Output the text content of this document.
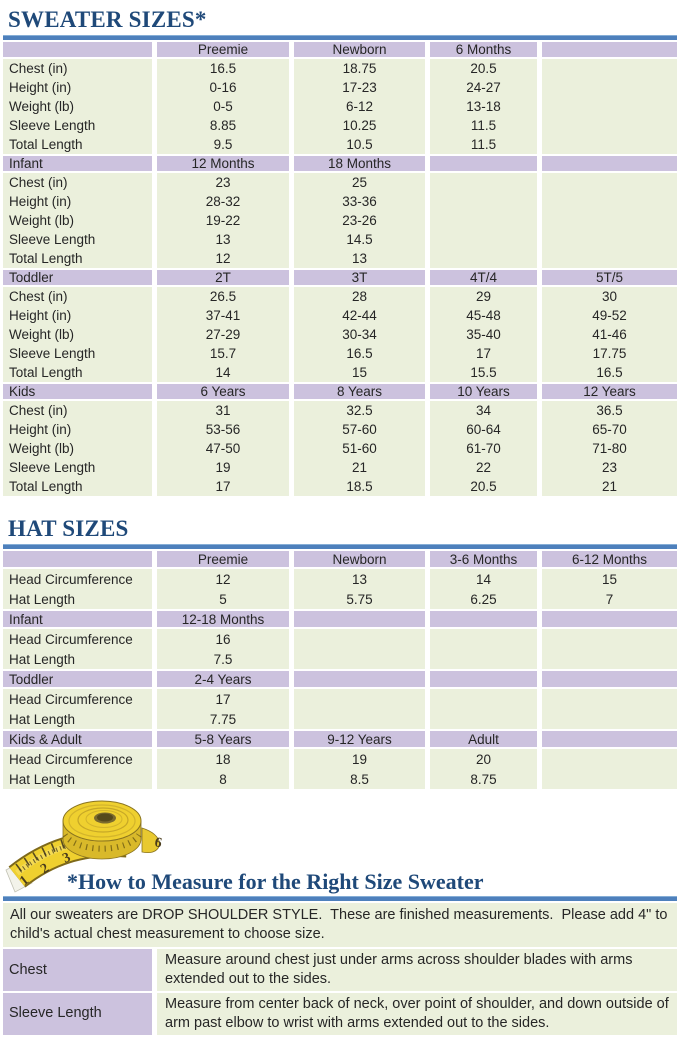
SWEATER SIZES*
	Preemie	Newborn	6 Months	
Chest (in)	16.5	18.75	20.5	
Height (in)	0-16	17-23	24-27	
Weight (lb)	0-5	6-12	13-18	
Sleeve Length	8.85	10.25	11.5	
Total Length	9.5	10.5	11.5	
Infant	12 Months	18 Months		
Chest (in)	23	25		
Height (in)	28-32	33-36		
Weight (lb)	19-22	23-26		
Sleeve Length	13	14.5		
Total Length	12	13		
Toddler	2T	3T	4T/4	5T/5
Chest (in)	26.5	28	29	30
Height (in)	37-41	42-44	45-48	49-52
Weight (lb)	27-29	30-34	35-40	41-46
Sleeve Length	15.7	16.5	17	17.75
Total Length	14	15	15.5	16.5
Kids	6 Years	8 Years	10 Years	12 Years
Chest (in)	31	32.5	34	36.5
Height (in)	53-56	57-60	60-64	65-70
Weight (lb)	47-50	51-60	61-70	71-80
Sleeve Length	19	21	22	23
Total Length	17	18.5	20.5	21
HAT SIZES
	Preemie	Newborn	3-6 Months	6-12 Months
Head Circumference	12	13	14	15
Hat Length	5	5.75	6.25	7
Infant	12-18 Months			
Head Circumference	16			
Hat Length	7.5			
Toddler	2-4 Years			
Head Circumference	17			
Hat Length	7.75			
Kids & Adult	5-8 Years	9-12 Years	Adult	
Head Circumference	18	19	20	
Hat Length	8	8.5	8.75	
1
2
3
6
*How to Measure for the Right Size Sweater
All our sweaters are DROP SHOULDER STYLE.  These are finished measurements.  Please add 4" to child's actual chest measurement to choose size.
Chest	Measure around chest just under arms across shoulder blades with arms extended out to the sides.
Sleeve Length	Measure from center back of neck, over point of shoulder, and down outside of arm past elbow to wrist with arms extended out to the sides.
